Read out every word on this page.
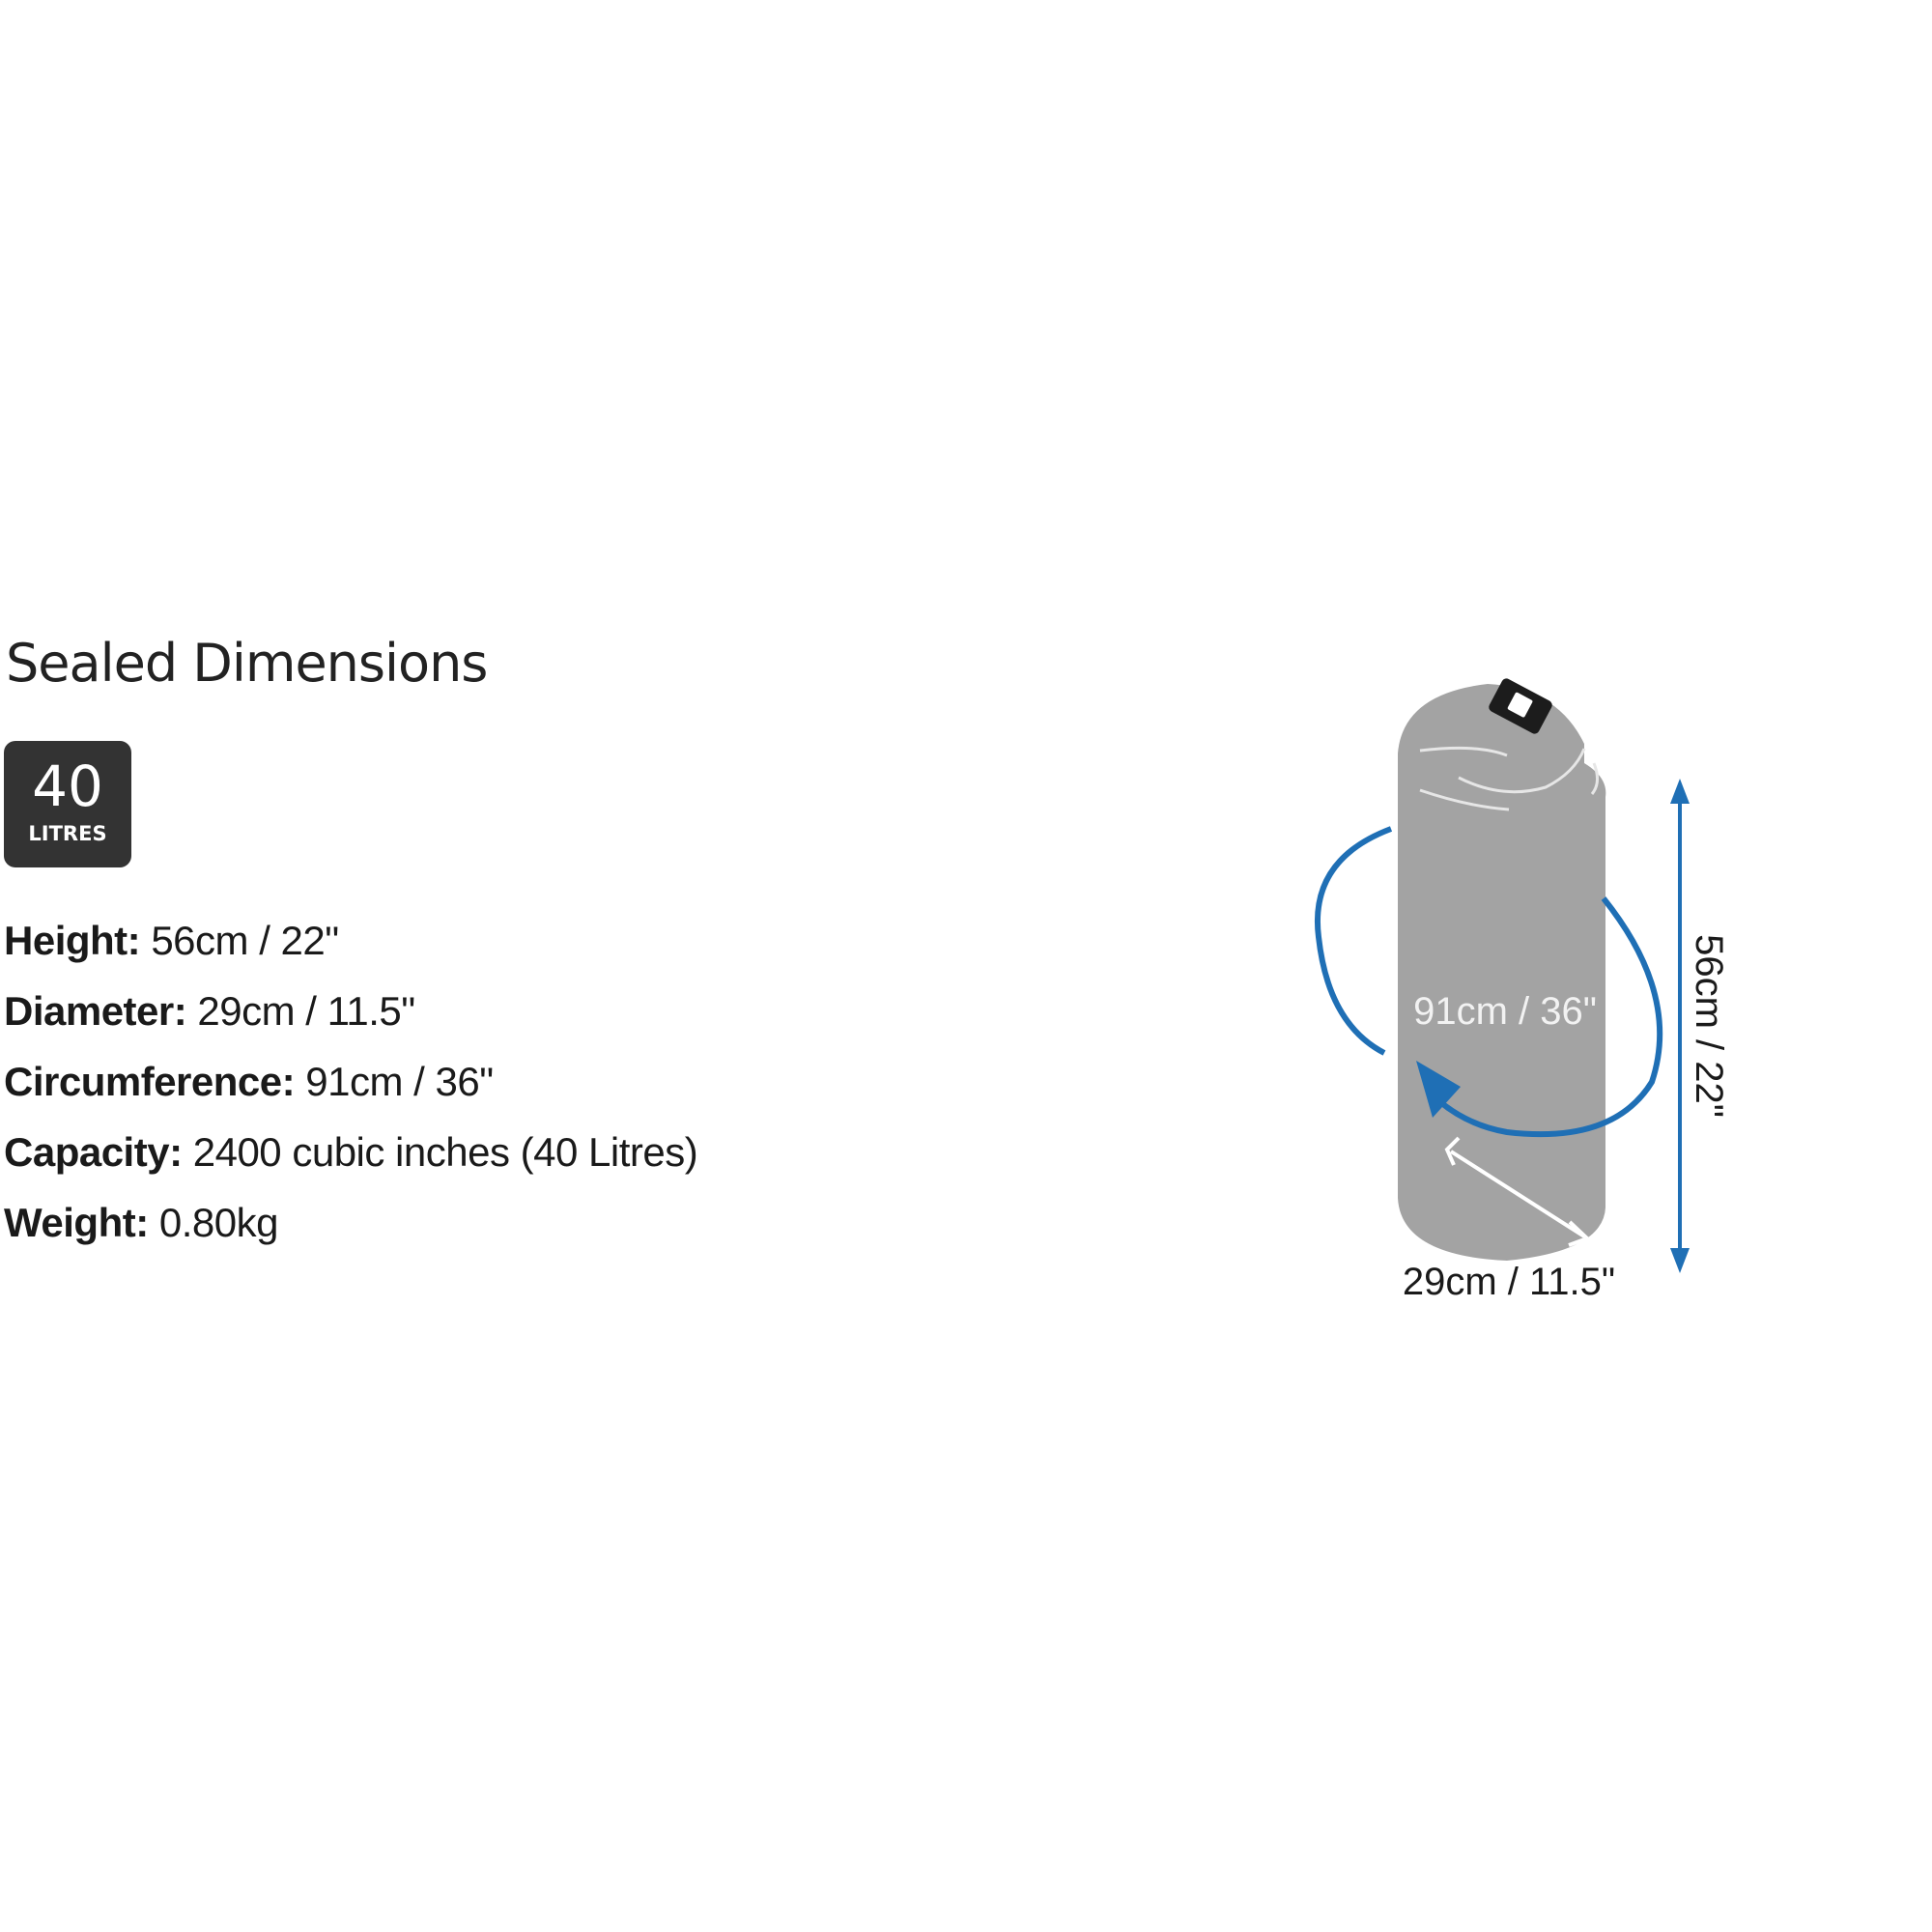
Sealed Dimensions
40
LITRES
Height: 56cm / 22"
Diameter: 29cm / 11.5"
Circumference: 91cm / 36"
Capacity: 2400 cubic inches (40 Litres)
Weight: 0.80kg
91cm / 36" 56cm / 22"
29cm / 11.5"
